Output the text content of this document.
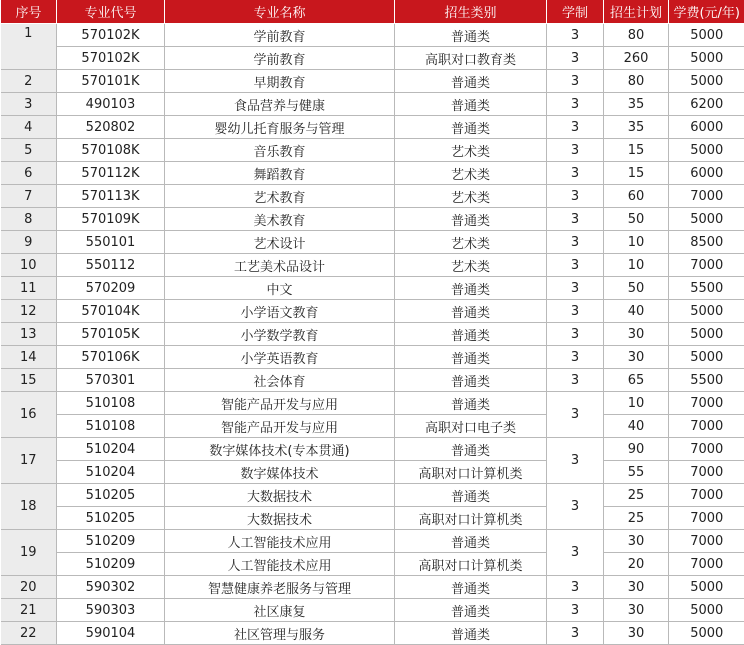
序号	专业代号	专业名称	招生类别	学制	招生计划	学费(元/年)
1	570102K	学前教育	普通类	3	80	5000
	570102K	学前教育	高职对口教育类	3	260	5000
2	570101K	早期教育	普通类	3	80	5000
3	490103	食品营养与健康	普通类	3	35	6200
4	520802	婴幼儿托育服务与管理	普通类	3	35	6000
5	570108K	音乐教育	艺术类	3	15	5000
6	570112K	舞蹈教育	艺术类	3	15	6000
7	570113K	艺术教育	艺术类	3	60	7000
8	570109K	美术教育	普通类	3	50	5000
9	550101	艺术设计	艺术类	3	10	8500
10	550112	工艺美术品设计	艺术类	3	10	7000
11	570209	中文	普通类	3	50	5500
12	570104K	小学语文教育	普通类	3	40	5000
13	570105K	小学数学教育	普通类	3	30	5000
14	570106K	小学英语教育	普通类	3	30	5000
15	570301	社会体育	普通类	3	65	5500
16	510108	智能产品开发与应用	普通类	3	10	7000
	510108	智能产品开发与应用	高职对口电子类		40	7000
17	510204	数字媒体技术(专本贯通)	普通类	3	90	7000
	510204	数字媒体技术	高职对口计算机类		55	7000
18	510205	大数据技术	普通类	3	25	7000
	510205	大数据技术	高职对口计算机类		25	7000
19	510209	人工智能技术应用	普通类	3	30	7000
	510209	人工智能技术应用	高职对口计算机类		20	7000
20	590302	智慧健康养老服务与管理	普通类	3	30	5000
21	590303	社区康复	普通类	3	30	5000
22	590104	社区管理与服务	普通类	3	30	5000
